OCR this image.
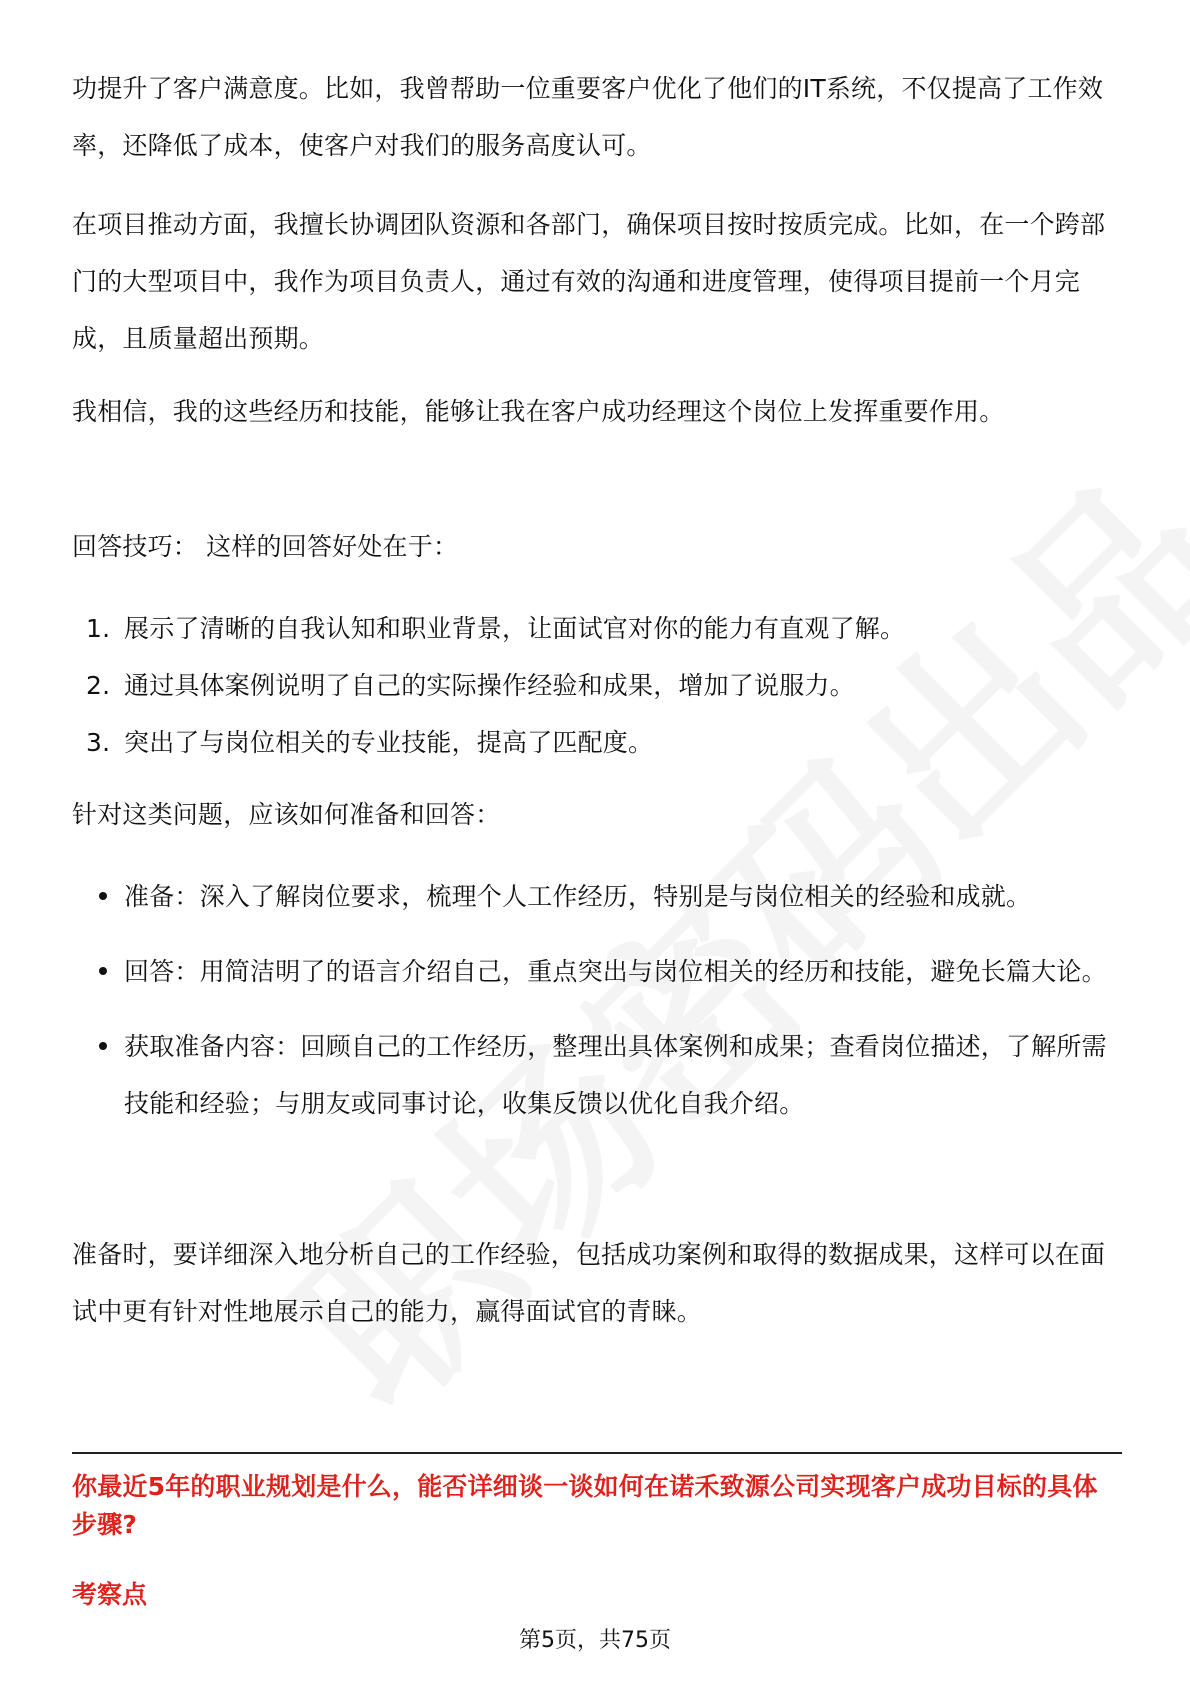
功提升了客户满意度。比如，我曾帮助一位重要客户优化了他们的IT系统，不仅提高了工作效率，还降低了成本，使客户对我们的服务高度认可。

在项目推动方面，我擅长协调团队资源和各部门，确保项目按时按质完成。比如，在一个跨部门的大型项目中，我作为项目负责人，通过有效的沟通和进度管理，使得项目提前一个月完成，且质量超出预期。

我相信，我的这些经历和技能，能够让我在客户成功经理这个岗位上发挥重要作用。

回答技巧： 这样的回答好处在于：

1. 展示了清晰的自我认知和职业背景，让面试官对你的能力有直观了解。
2. 通过具体案例说明了自己的实际操作经验和成果，增加了说服力。
3. 突出了与岗位相关的专业技能，提高了匹配度。

针对这类问题，应该如何准备和回答：

准备：深入了解岗位要求，梳理个人工作经历，特别是与岗位相关的经验和成就。
回答：用简洁明了的语言介绍自己，重点突出与岗位相关的经历和技能，避免长篇大论。
获取准备内容：回顾自己的工作经历，整理出具体案例和成果；查看岗位描述，了解所需技能和经验；与朋友或同事讨论，收集反馈以优化自我介绍。

准备时，要详细深入地分析自己的工作经验，包括成功案例和取得的数据成果，这样可以在面试中更有针对性地展示自己的能力，赢得面试官的青睐。

你最近5年的职业规划是什么，能否详细谈一谈如何在诺禾致源公司实现客户成功目标的具体步骤?

考察点

第5页，共75页
